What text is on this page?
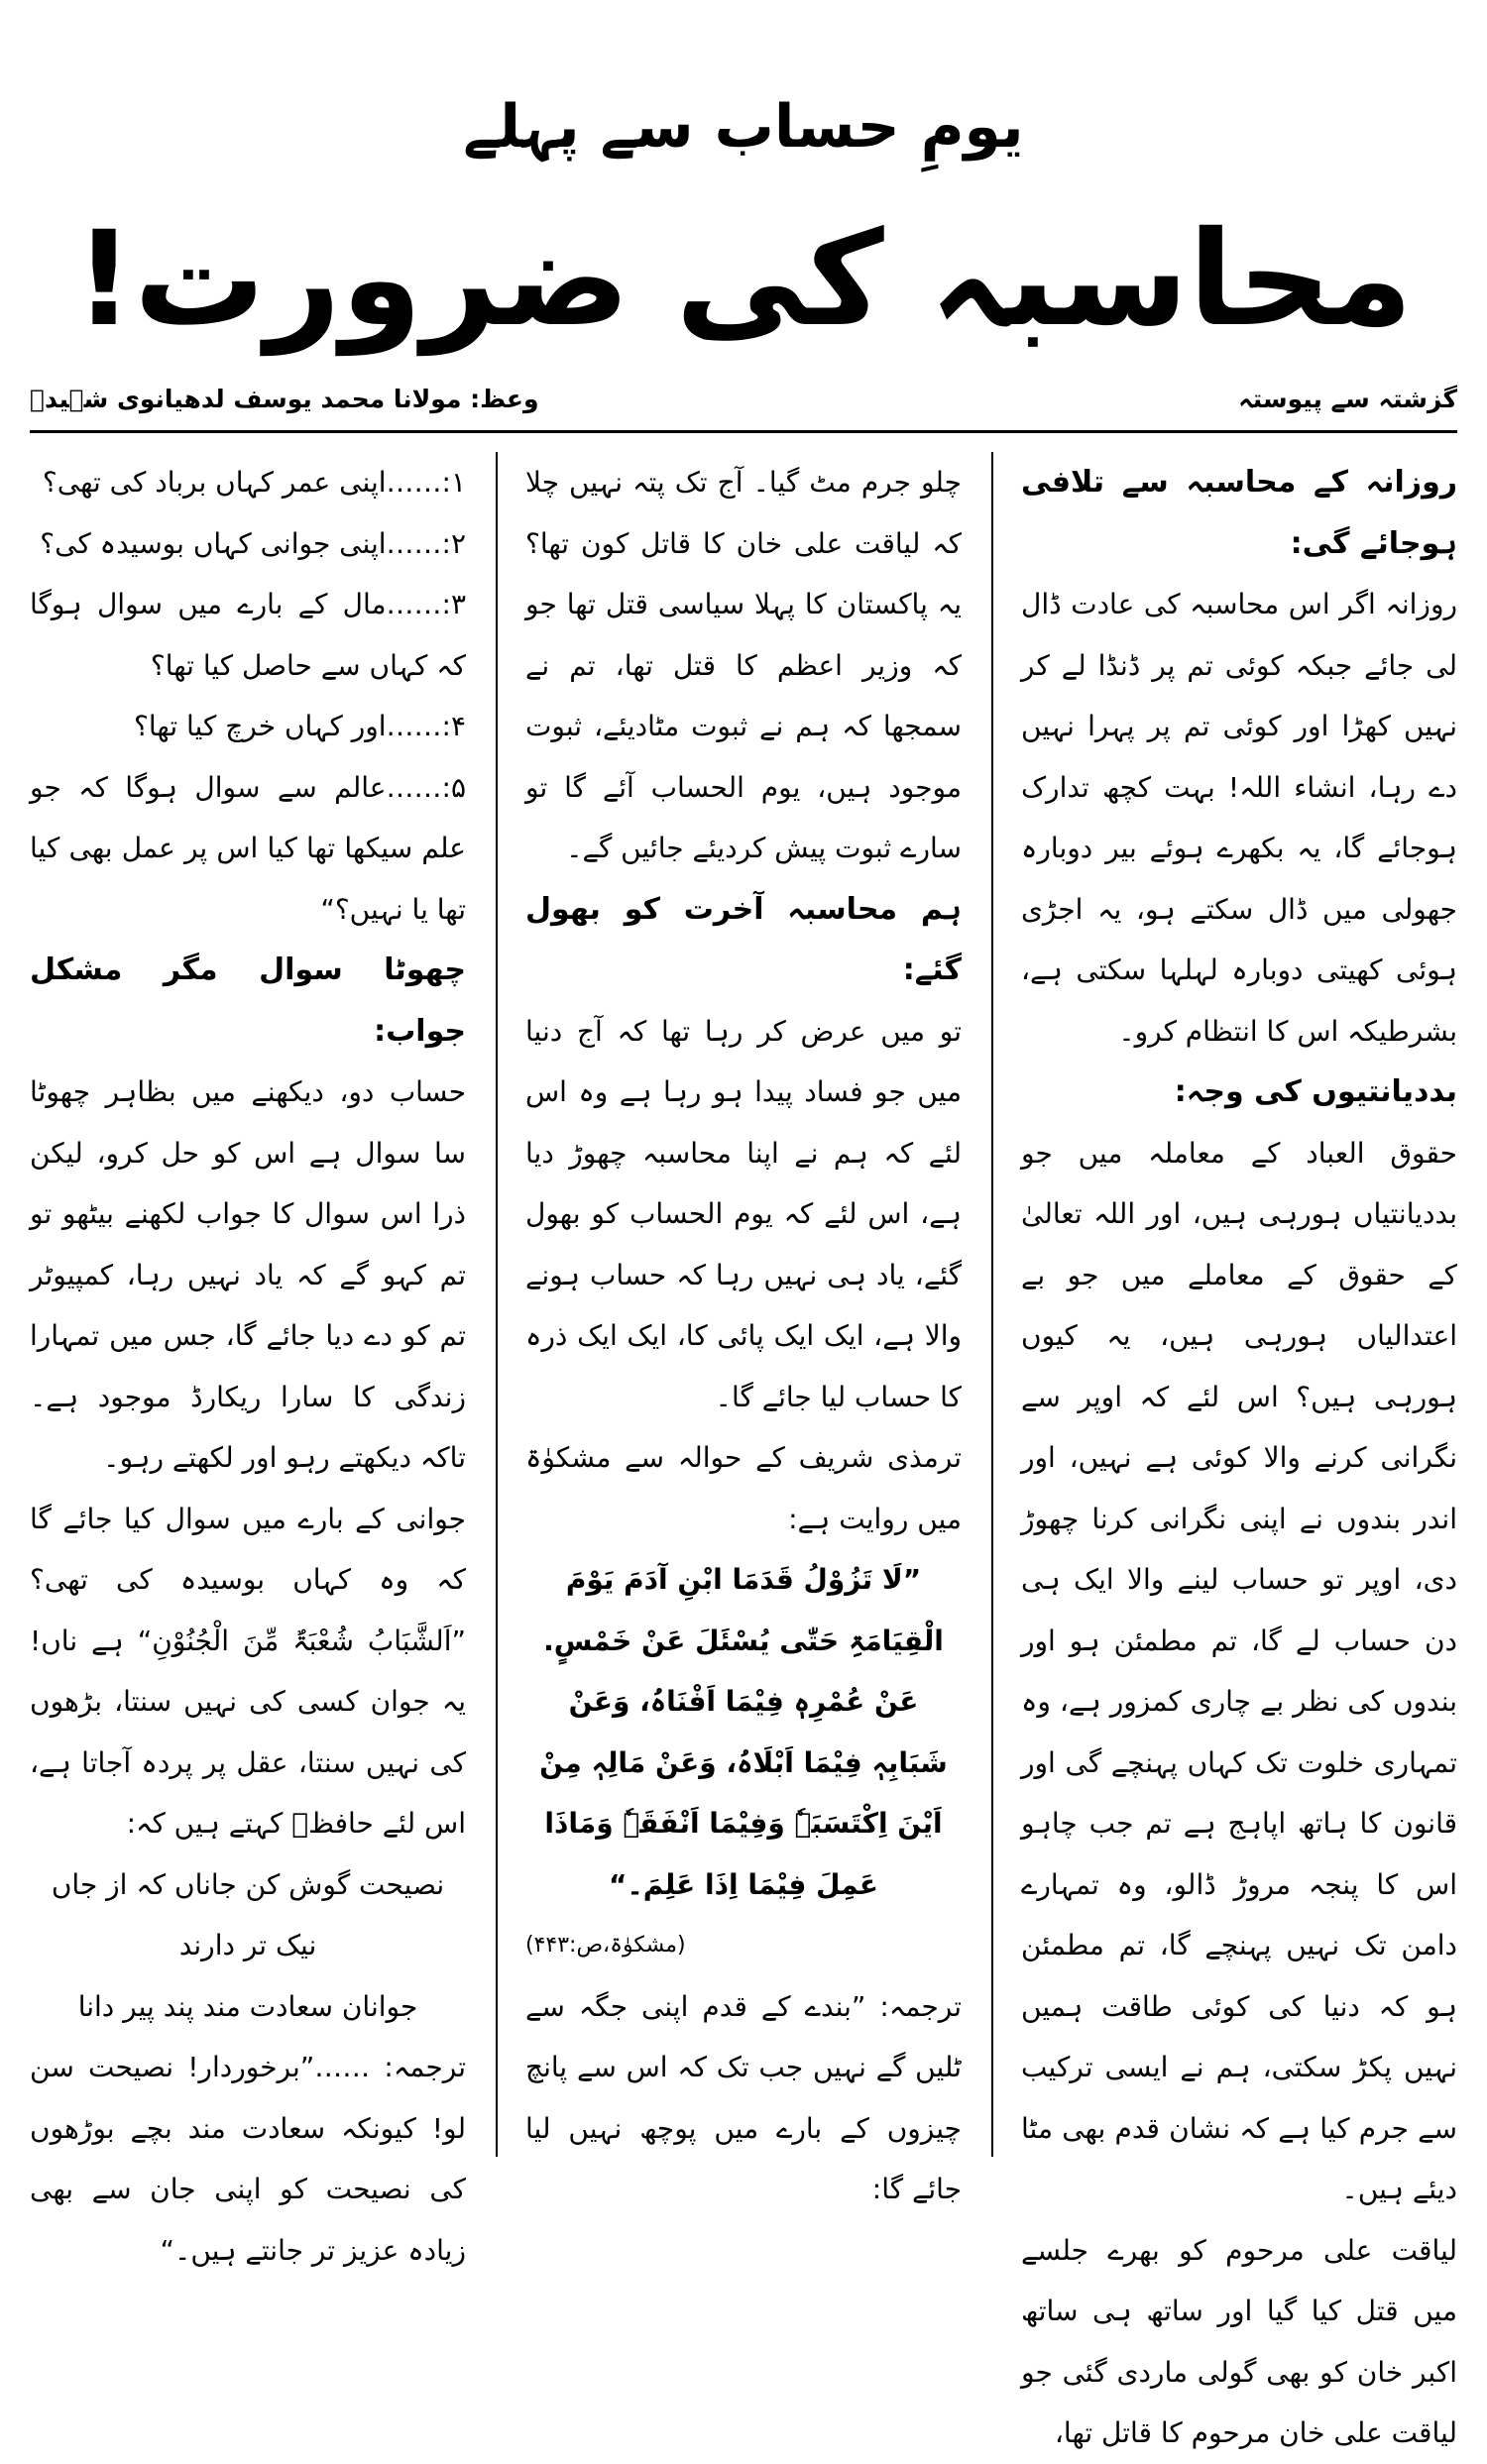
یومِ حساب سے پہلے
محاسبہ کی ضرورت!
گزشتہ سے پیوستہ
وعظ: مولانا محمد یوسف لدھیانوی شہیدؒ
روزانہ کے محاسبہ سے تلافی ہوجائے گی:

روزانہ اگر اس محاسبہ کی عادت ڈال لی جائے جبکہ کوئی تم پر ڈنڈا لے کر نہیں کھڑا اور کوئی تم پر پہرا نہیں دے رہا، انشاء اللہ! بہت کچھ تدارک ہوجائے گا، یہ بکھرے ہوئے بیر دوبارہ جھولی میں ڈال سکتے ہو، یہ اجڑی ہوئی کھیتی دوبارہ لہلہا سکتی ہے، بشرطیکہ اس کا انتظام کرو۔

بددیانتیوں کی وجہ:

حقوق العباد کے معاملہ میں جو بددیانتیاں ہورہی ہیں، اور اللہ تعالیٰ کے حقوق کے معاملے میں جو بے اعتدالیاں ہورہی ہیں، یہ کیوں ہورہی ہیں؟ اس لئے کہ اوپر سے نگرانی کرنے والا کوئی ہے نہیں، اور اندر بندوں نے اپنی نگرانی کرنا چھوڑ دی، اوپر تو حساب لینے والا ایک ہی دن حساب لے گا، تم مطمئن ہو اور بندوں کی نظر بے چاری کمزور ہے، وہ تمہاری خلوت تک کہاں پہنچے گی اور قانون کا ہاتھ اپاہج ہے تم جب چاہو اس کا پنجہ مروڑ ڈالو، وہ تمہارے دامن تک نہیں پہنچے گا، تم مطمئن ہو کہ دنیا کی کوئی طاقت ہمیں نہیں پکڑ سکتی، ہم نے ایسی ترکیب سے جرم کیا ہے کہ نشان قدم بھی مٹا دیئے ہیں۔

لیاقت علی مرحوم کو بھرے جلسے میں قتل کیا گیا اور ساتھ ہی ساتھ اکبر خان کو بھی گولی ماردی گئی جو لیاقت علی خان مرحوم کا قاتل تھا،

چلو جرم مٹ گیا۔ آج تک پتہ نہیں چلا کہ لیاقت علی خان کا قاتل کون تھا؟ یہ پاکستان کا پہلا سیاسی قتل تھا جو کہ وزیر اعظم کا قتل تھا، تم نے سمجھا کہ ہم نے ثبوت مٹادیئے، ثبوت موجود ہیں، یوم الحساب آئے گا تو سارے ثبوت پیش کردیئے جائیں گے۔

ہم محاسبہ آخرت کو بھول گئے:

تو میں عرض کر رہا تھا کہ آج دنیا میں جو فساد پیدا ہو رہا ہے وہ اس لئے کہ ہم نے اپنا محاسبہ چھوڑ دیا ہے، اس لئے کہ یوم الحساب کو بھول گئے، یاد ہی نہیں رہا کہ حساب ہونے والا ہے، ایک ایک پائی کا، ایک ایک ذرہ کا حساب لیا جائے گا۔

ترمذی شریف کے حوالہ سے مشکوٰۃ میں روایت ہے:

”لَا تَزُوْلُ قَدَمَا ابْنِ آدَمَ یَوْمَ الْقِیَامَۃِ حَتّٰی یُسْئَلَ عَنْ خَمْسٍ. عَنْ عُمْرِہٖ فِیْمَا اَفْنَاہُ، وَعَنْ شَبَابِہٖ فِیْمَا اَبْلَاہُ، وَعَنْ مَالِہٖ مِنْ اَیْنَ اِکْتَسَبَہٗ وَفِیْمَا اَنْفَقَہٗ وَمَاذَا عَمِلَ فِیْمَا اِذَا عَلِمَ۔“

(مشکوٰۃ،ص:۴۴۳)

ترجمہ: ”بندے کے قدم اپنی جگہ سے ٹلیں گے نہیں جب تک کہ اس سے پانچ چیزوں کے بارے میں پوچھ نہیں لیا جائے گا:

۱:……اپنی عمر کہاں برباد کی تھی؟

۲:……اپنی جوانی کہاں بوسیدہ کی؟

۳:……مال کے بارے میں سوال ہوگا کہ کہاں سے حاصل کیا تھا؟

۴:……اور کہاں خرچ کیا تھا؟

۵:……عالم سے سوال ہوگا کہ جو علم سیکھا تھا کیا اس پر عمل بھی کیا تھا یا نہیں؟“

چھوٹا سوال مگر مشکل جواب:

حساب دو، دیکھنے میں بظاہر چھوٹا سا سوال ہے اس کو حل کرو، لیکن ذرا اس سوال کا جواب لکھنے بیٹھو تو تم کہو گے کہ یاد نہیں رہا، کمپیوٹر تم کو دے دیا جائے گا، جس میں تمہارا زندگی کا سارا ریکارڈ موجود ہے۔ تاکہ دیکھتے رہو اور لکھتے رہو۔

جوانی کے بارے میں سوال کیا جائے گا کہ وہ کہاں بوسیدہ کی تھی؟ ”اَلشَّبَابُ شُعْبَۃٌ مِّنَ الْجُنُوْنِ“ ہے ناں! یہ جوان کسی کی نہیں سنتا، بڑھوں کی نہیں سنتا، عقل پر پردہ آجاتا ہے، اس لئے حافظؒ کہتے ہیں کہ:

نصیحت گوش کن جاناں کہ از جاں نیک تر دارند

جوانان سعادت مند پند پیر دانا

ترجمہ: ……”برخوردار! نصیحت سن لو! کیونکہ سعادت مند بچے بوڑھوں کی نصیحت کو اپنی جان سے بھی زیادہ عزیز تر جانتے ہیں۔“
